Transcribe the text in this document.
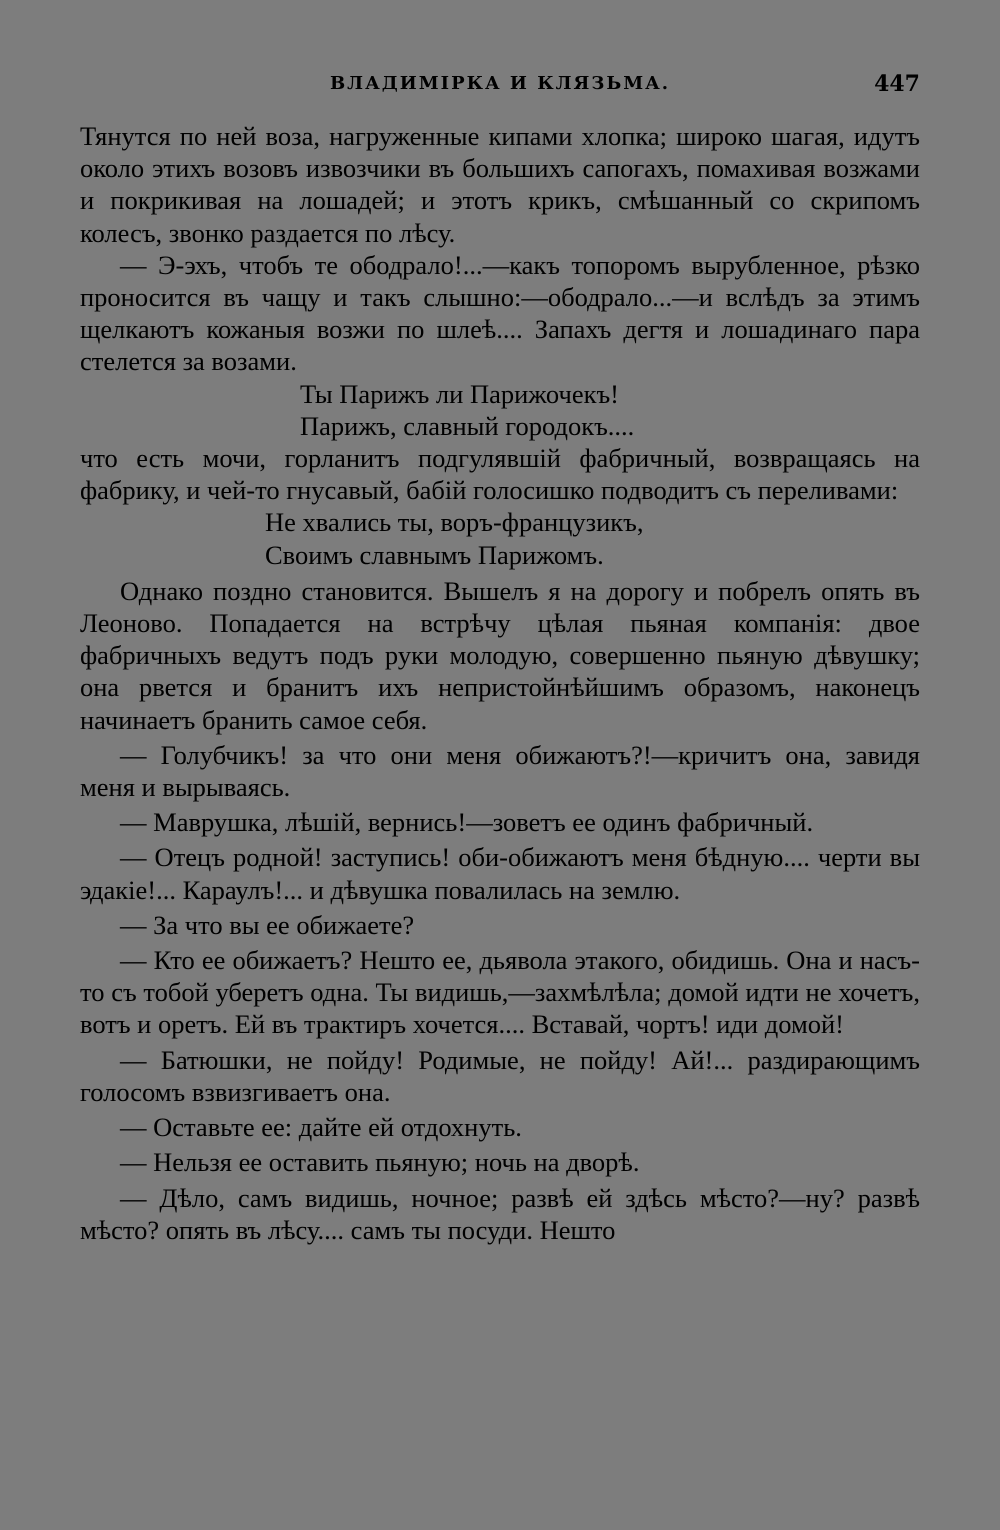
ВЛАДИМІРКА И КЛЯЗЬМА.	447

Тянутся по ней воза, нагруженные кипами хлопка; широко шагая, идутъ около этихъ возовъ извозчики въ большихъ сапогахъ, помахивая возжами и покрикивая на лошадей; и этотъ крикъ, смѣшанный со скрипомъ колесъ, звонко раздается по лѣсу.

— Э-эхъ, чтобъ те ободрало!...—какъ топоромъ вырубленное, рѣзко проносится въ чащу и такъ слышно:—ободрало...—и вслѣдъ за этимъ щелкаютъ кожаныя возжи по шлеѣ.... Запахъ дегтя и лошадинаго пара стелется за возами.

Ты Парижъ ли Парижочекъ!
Парижъ, славный городокъ....

что есть мочи, горланитъ подгулявшій фабричный, возвращаясь на фабрику, и чей-то гнусавый, бабій голосишко подводитъ съ переливами:

Не хвались ты, воръ-французикъ,
Своимъ славнымъ Парижомъ.

Однако поздно становится. Вышелъ я на дорогу и побрелъ опять въ Леоново. Попадается на встрѣчу цѣлая пьяная компанія: двое фабричныхъ ведутъ подъ руки молодую, совершенно пьяную дѣвушку; она рвется и бранитъ ихъ непристойнѣйшимъ образомъ, наконецъ начинаетъ бранить самое себя.

— Голубчикъ! за что они меня обижаютъ?!—кричитъ она, завидя меня и вырываясь.

— Маврушка, лѣшій, вернись!—зоветъ ее одинъ фабричный.

— Отецъ родной! заступись! оби-обижаютъ меня бѣдную.... черти вы эдакіе!... Караулъ!... и дѣвушка повалилась на землю.

— За что вы ее обижаете?

— Кто ее обижаетъ? Нешто ее, дьявола этакого, обидишь. Она и насъ-то съ тобой уберетъ одна. Ты видишь,—захмѣлѣла; домой идти не хочетъ, вотъ и оретъ. Ей въ трактиръ хочется.... Вставай, чортъ! иди домой!

— Батюшки, не пойду! Родимые, не пойду! Ай!... раздирающимъ голосомъ взвизгиваетъ она.

— Оставьте ее: дайте ей отдохнуть.

— Нельзя ее оставить пьяную; ночь на дворѣ.

— Дѣло, самъ видишь, ночное; развѣ ей здѣсь мѣсто?—ну? развѣ мѣсто? опять въ лѣсу.... самъ ты посуди. Нешто
